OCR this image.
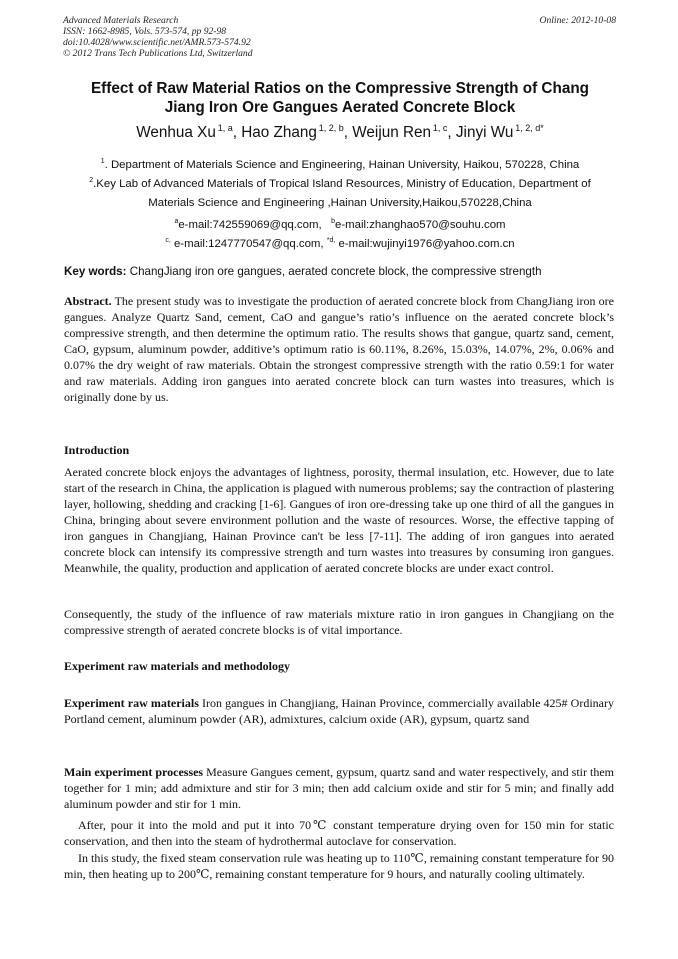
Advanced Materials Research
ISSN: 1662-8985, Vols. 573-574, pp 92-98
doi:10.4028/www.scientific.net/AMR.573-574.92
© 2012 Trans Tech Publications Ltd, Switzerland
Online: 2012-10-08
Effect of Raw Material Ratios on the Compressive Strength of Chang
Jiang Iron Ore Gangues Aerated Concrete Block
Wenhua Xu  $^{1, a}$, Hao Zhang  $^{1, 2, b}$, Weijun Ren  $^{1, c}$, Jinyi Wu  $^{1, 2, d*}$
$^1$. Department of Materials Science and Engineering, Hainan University, Haikou, 570228, China
$^2$.Key Lab of Advanced Materials of Tropical Island Resources, Ministry of Education, Department of
Materials Science and Engineering ,Hainan University,Haikou,570228,China
$^a$e-mail:742559069@qq.com, $^b$e-mail:zhanghao570@souhu.com
$^{c,}$ e-mail:1247770547@qq.com, $^{*d,}$ e-mail:wujinyi1976@yahoo.com.cn
Key words: ChangJiang iron ore gangues, aerated concrete block, the compressive strength

Abstract. The present study was to investigate the production of aerated concrete block from ChangJiang iron ore gangues. Analyze Quartz Sand, cement, CaO and gangue’s ratio’s influence on the aerated concrete block’s compressive strength, and then determine the optimum ratio. The results shows that gangue, quartz sand, cement, CaO, gypsum, aluminum powder, additive’s optimum ratio is 60.11%, 8.26%, 15.03%, 14.07%, 2%, 0.06% and 0.07% the dry weight of raw materials. Obtain the strongest compressive strength with the ratio 0.59:1 for water and raw materials. Adding iron gangues into aerated concrete block can turn wastes into treasures, which is originally done by us.

Introduction

Aerated concrete block enjoys the advantages of lightness, porosity, thermal insulation, etc. However, due to late start of the research in China, the application is plagued with numerous problems; say the contraction of plastering layer, hollowing, shedding and cracking [1-6]. Gangues of iron ore-dressing take up one third of all the gangues in China, bringing about severe environment pollution and the waste of resources. Worse, the effective tapping of iron gangues in Changjiang, Hainan Province can't be less [7-11]. The adding of iron gangues into aerated concrete block can intensify its compressive strength and turn wastes into treasures by consuming iron gangues. Meanwhile, the quality, production and application of aerated concrete blocks are under exact control.

Consequently, the study of the influence of raw materials mixture ratio in iron gangues in Changjiang on the compressive strength of aerated concrete blocks is of vital importance.

Experiment raw materials and methodology

Experiment raw materials Iron gangues in Changjiang, Hainan Province, commercially available 425# Ordinary Portland cement, aluminum powder (AR), admixtures, calcium oxide (AR), gypsum, quartz sand

Main experiment processes Measure Gangues cement, gypsum, quartz sand and water respectively, and stir them together for 1 min; add admixture and stir for 3 min; then add calcium oxide and stir for 5 min; and finally add aluminum powder and stir for 1 min.

After, pour it into the mold and put it into 70℃ constant temperature drying oven for 150 min for static conservation, and then into the steam of hydrothermal autoclave for conservation.

In this study, the fixed steam conservation rule was heating up to 110℃, remaining constant temperature for 90 min, then heating up to 200℃, remaining constant temperature for 9 hours, and naturally cooling ultimately.
